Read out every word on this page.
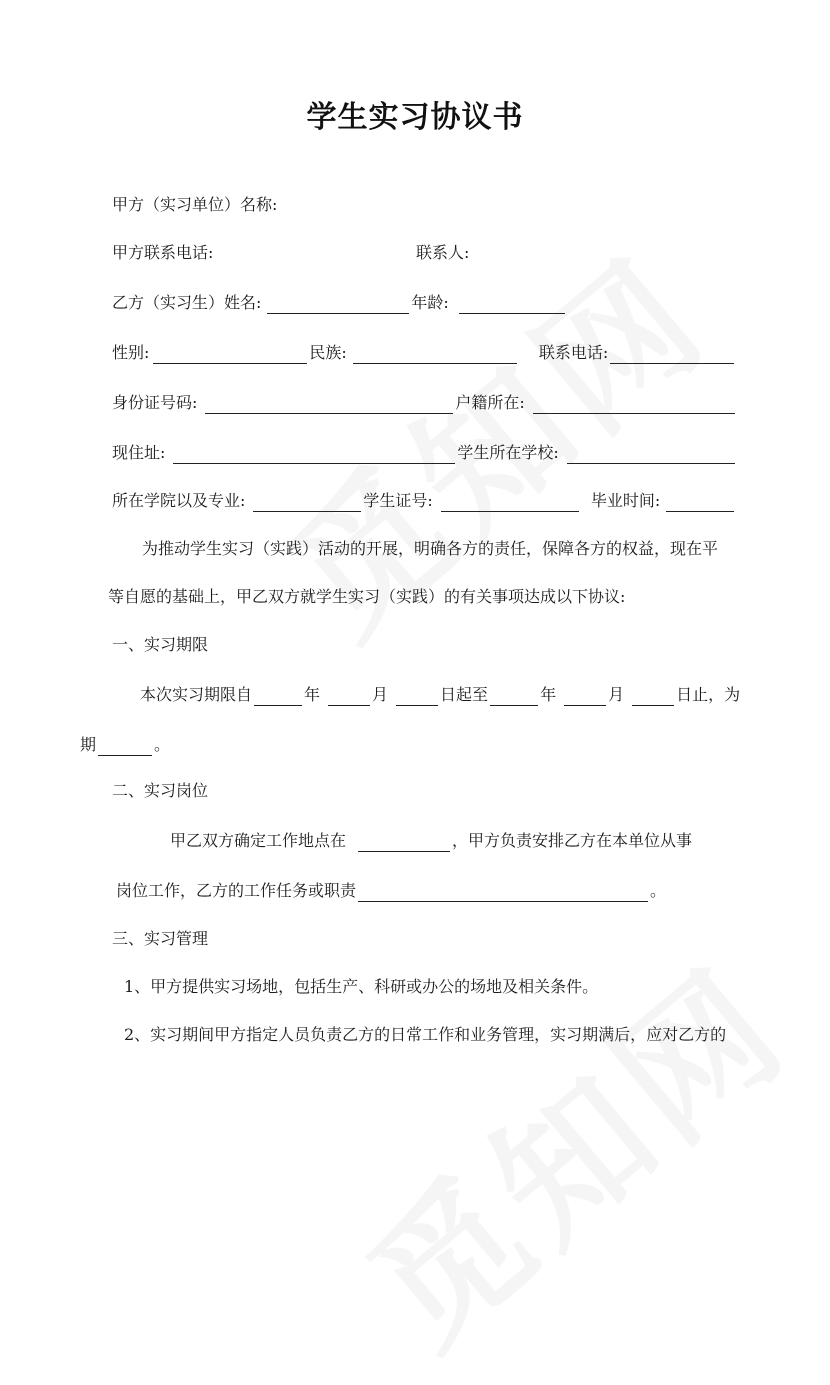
学生实习协议书
甲方（实习单位）名称:
甲方联系电话:	联系人:
乙方（实习生）姓名:	年龄:
性别:	民族:	联系电话:
身份证号码:	户籍所在:
现住址:	学生所在学校:
所在学院以及专业:	学生证号:	毕业时间:
为推动学生实习（实践）活动的开展，明确各方的责任，保障各方的权益，现在平
等自愿的基础上，甲乙双方就学生实习（实践）的有关事项达成以下协议:
一、实习期限
本次实习期限自	年	月	日起至	年	月	日止，为
期	。
二、实习岗位
甲乙双方确定工作地点在	，甲方负责安排乙方在本单位从事
岗位工作，乙方的工作任务或职责	。
三、实习管理
1、甲方提供实习场地，包括生产、科研或办公的场地及相关条件。
2、实习期间甲方指定人员负责乙方的日常工作和业务管理，实习期满后，应对乙方的
